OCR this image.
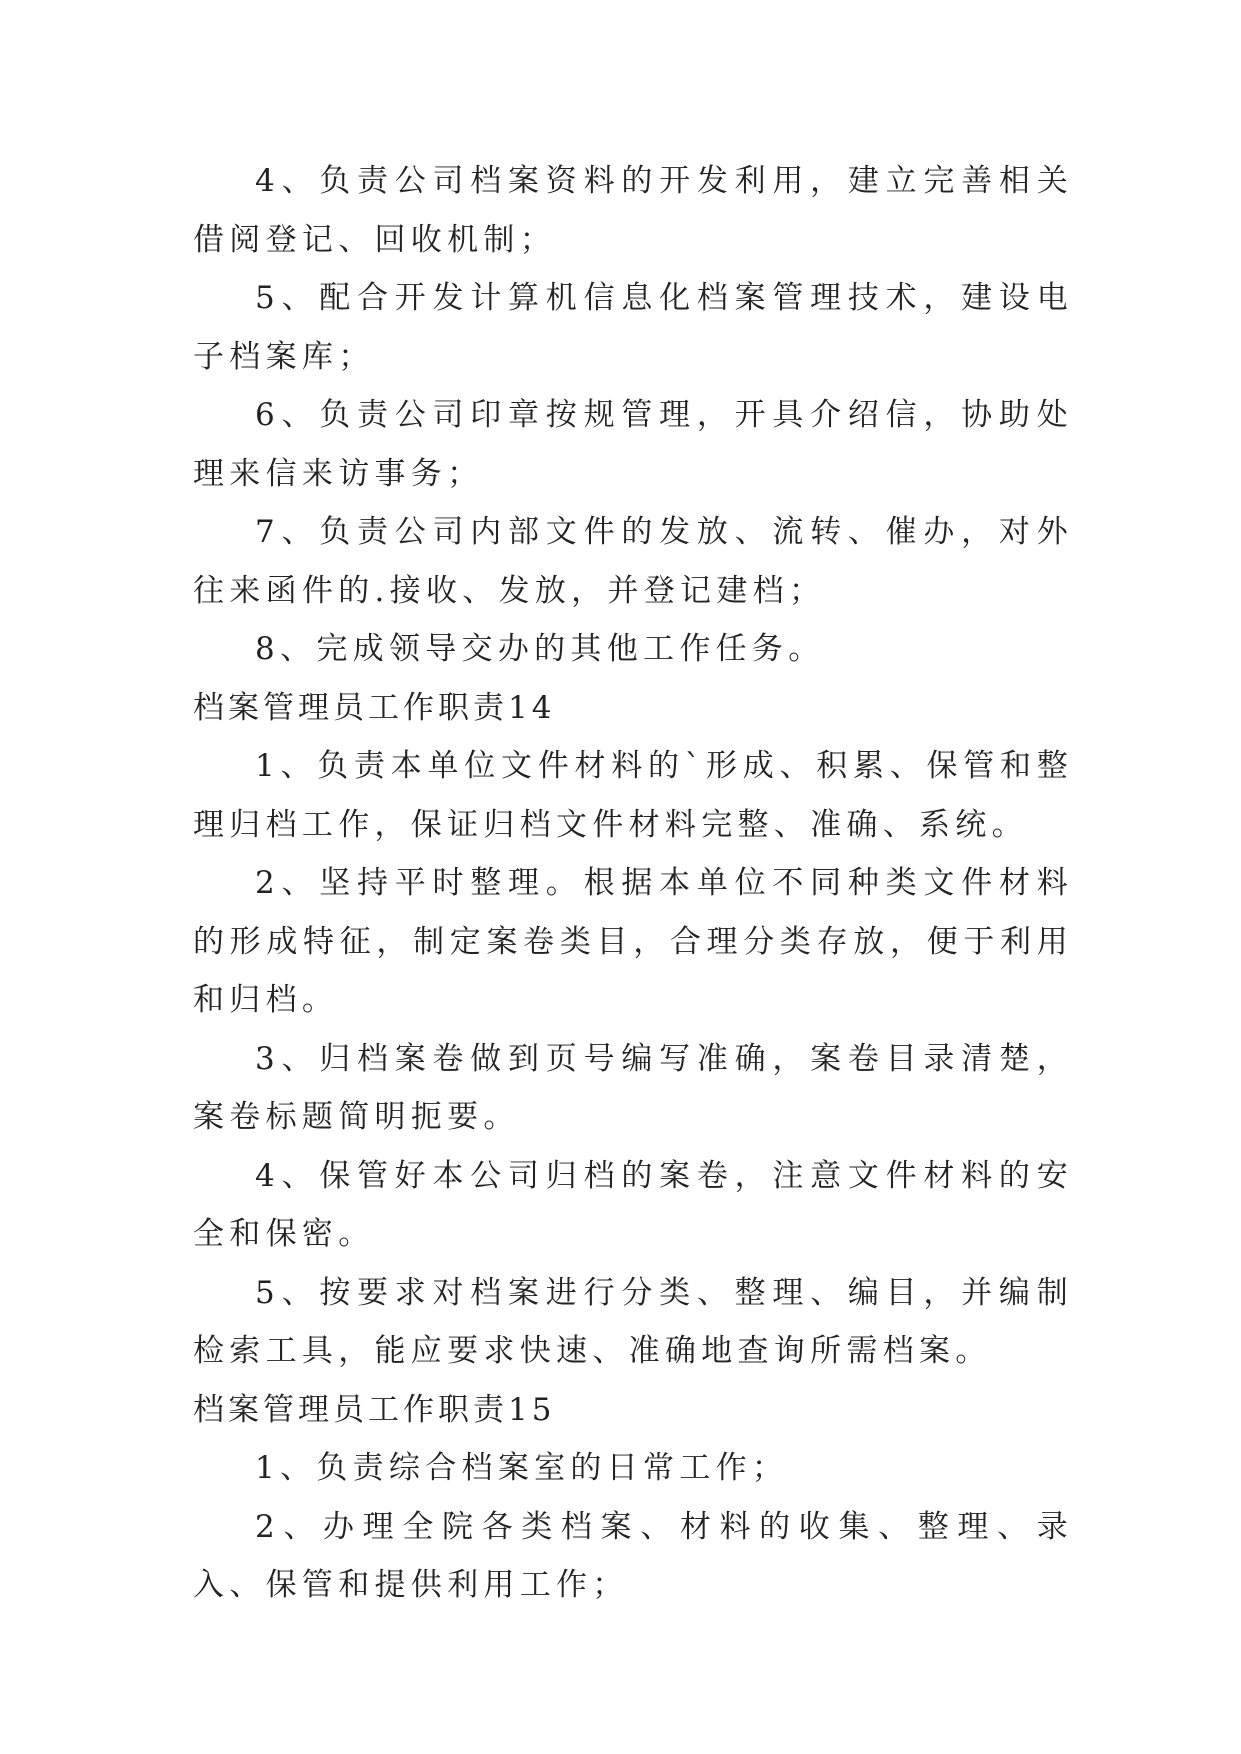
4、负责公司档案资料的开发利用，建立完善相关借阅登记、回收机制；

5、配合开发计算机信息化档案管理技术，建设电子档案库；

6、负责公司印章按规管理，开具介绍信，协助处理来信来访事务；

7、负责公司内部文件的发放、流转、催办，对外往来函件的.接收、发放，并登记建档；

8、完成领导交办的其他工作任务。

档案管理员工作职责14

1、负责本单位文件材料的`形成、积累、保管和整理归档工作，保证归档文件材料完整、准确、系统。

2、坚持平时整理。根据本单位不同种类文件材料的形成特征，制定案卷类目，合理分类存放，便于利用和归档。

3、归档案卷做到页号编写准确，案卷目录清楚，案卷标题简明扼要。

4、保管好本公司归档的案卷，注意文件材料的安全和保密。

5、按要求对档案进行分类、整理、编目，并编制检索工具，能应要求快速、准确地查询所需档案。

档案管理员工作职责15

1、负责综合档案室的日常工作；

2、办理全院各类档案、材料的收集、整理、录入、保管和提供利用工作；
